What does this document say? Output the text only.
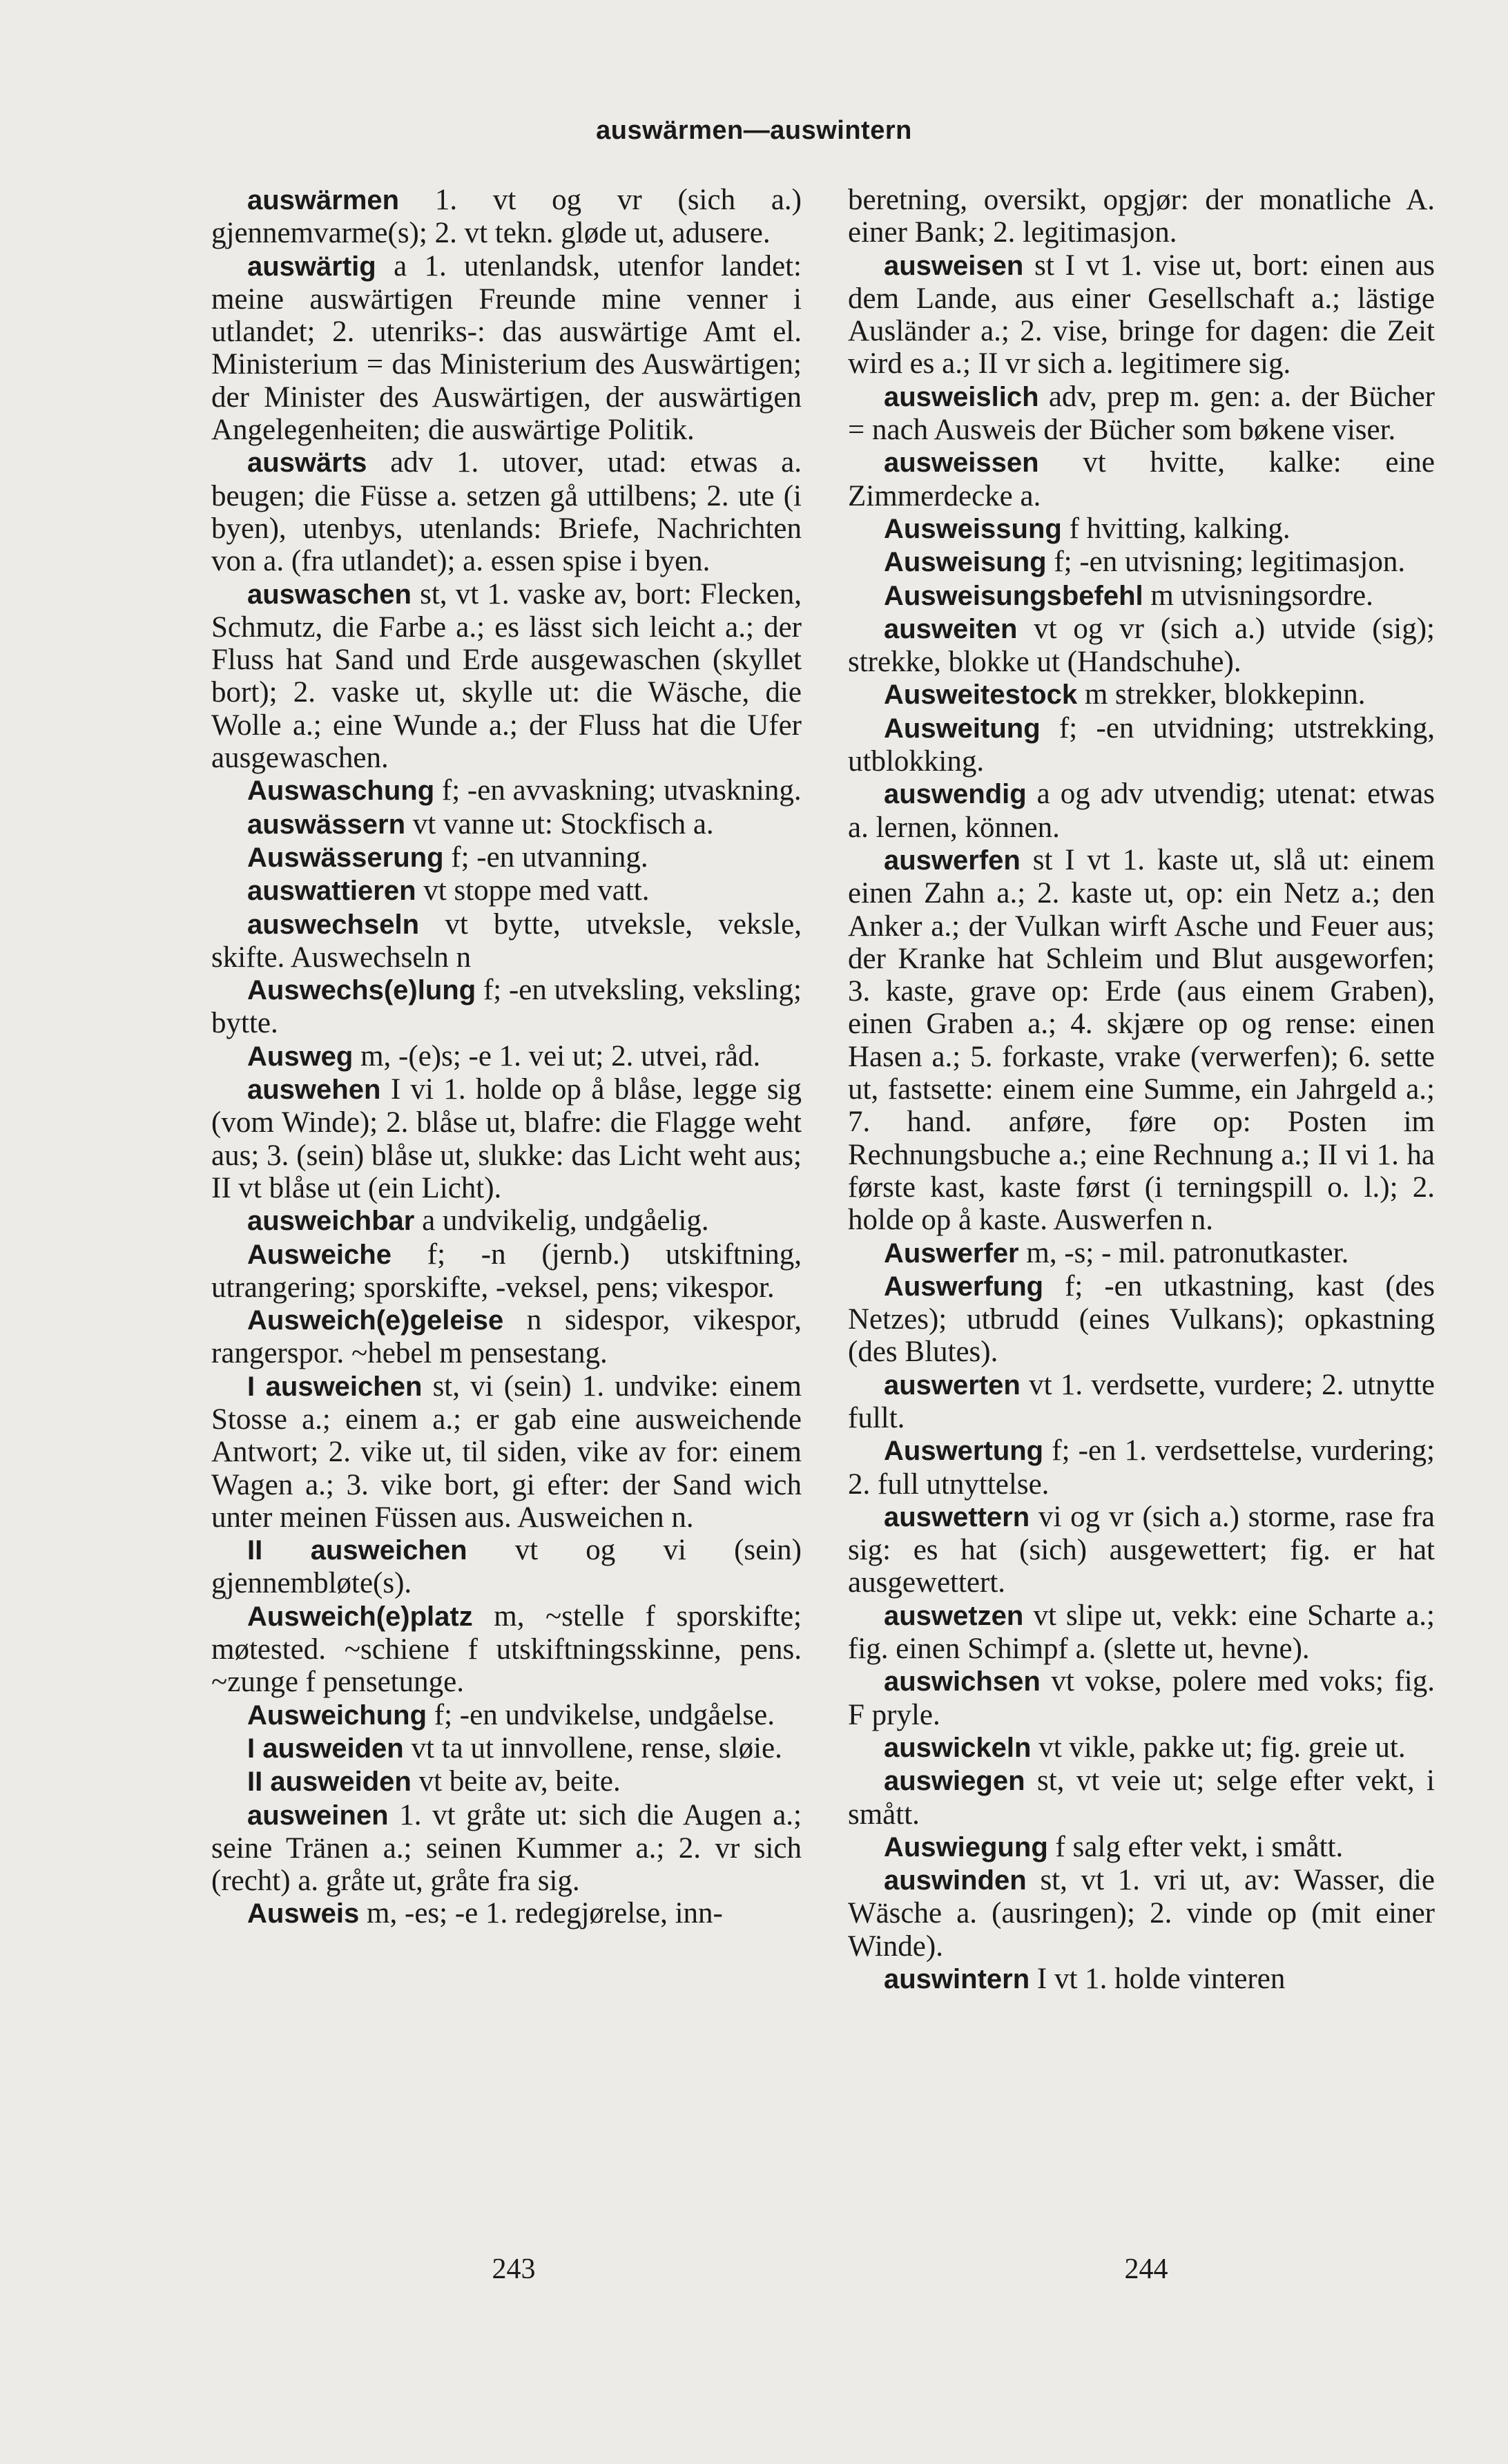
auswärmen—auswintern

auswärmen 1. vt og vr (sich a.) gjennemvarme(s); 2. vt tekn. gløde ut, adusere.

auswärtig a 1. utenlandsk, utenfor landet: meine auswärtigen Freunde mine venner i utlandet; 2. utenriks-: das auswärtige Amt el. Ministerium = das Ministerium des Auswärtigen; der Minister des Auswärtigen, der auswärtigen Angelegenheiten; die auswärtige Politik.

auswärts adv 1. utover, utad: etwas a. beugen; die Füsse a. setzen gå uttilbens; 2. ute (i byen), utenbys, utenlands: Briefe, Nachrichten von a. (fra utlandet); a. essen spise i byen.

auswaschen st, vt 1. vaske av, bort: Flecken, Schmutz, die Farbe a.; es lässt sich leicht a.; der Fluss hat Sand und Erde ausgewaschen (skyllet bort); 2. vaske ut, skylle ut: die Wäsche, die Wolle a.; eine Wunde a.; der Fluss hat die Ufer ausgewaschen.

Auswaschung f; -en avvaskning; utvaskning.

auswässern vt vanne ut: Stockfisch a.

Auswässerung f; -en utvanning.

auswattieren vt stoppe med vatt.

auswechseln vt bytte, utveksle, veksle, skifte. Auswechseln n

Auswechs(e)lung f; -en utveksling, veksling; bytte.

Ausweg m, -(e)s; -e 1. vei ut; 2. utvei, råd.

auswehen I vi 1. holde op å blåse, legge sig (vom Winde); 2. blåse ut, blafre: die Flagge weht aus; 3. (sein) blåse ut, slukke: das Licht weht aus; II vt blåse ut (ein Licht).

ausweichbar a undvikelig, undgåelig.

Ausweiche f; -n (jernb.) utskiftning, utrangering; sporskifte, -veksel, pens; vikespor.

Ausweich(e)geleise n sidespor, vikespor, rangerspor. ~hebel m pensestang.

I ausweichen st, vi (sein) 1. undvike: einem Stosse a.; einem a.; er gab eine ausweichende Antwort; 2. vike ut, til siden, vike av for: einem Wagen a.; 3. vike bort, gi efter: der Sand wich unter meinen Füssen aus. Ausweichen n.

II ausweichen vt og vi (sein) gjennembløte(s).

Ausweich(e)platz m, ~stelle f sporskifte; møtested. ~schiene f utskiftningsskinne, pens. ~zunge f pensetunge.

Ausweichung f; -en undvikelse, undgåelse.

I ausweiden vt ta ut innvollene, rense, sløie.

II ausweiden vt beite av, beite.

ausweinen 1. vt gråte ut: sich die Augen a.; seine Tränen a.; seinen Kummer a.; 2. vr sich (recht) a. gråte ut, gråte fra sig.

Ausweis m, -es; -e 1. redegjørelse, inn-

beretning, oversikt, opgjør: der monatliche A. einer Bank; 2. legitimasjon.

ausweisen st I vt 1. vise ut, bort: einen aus dem Lande, aus einer Gesellschaft a.; lästige Ausländer a.; 2. vise, bringe for dagen: die Zeit wird es a.; II vr sich a. legitimere sig.

ausweislich adv, prep m. gen: a. der Bücher = nach Ausweis der Bücher som bøkene viser.

ausweissen vt hvitte, kalke: eine Zimmerdecke a.

Ausweissung f hvitting, kalking.

Ausweisung f; -en utvisning; legitimasjon.

Ausweisungsbefehl m utvisningsordre.

ausweiten vt og vr (sich a.) utvide (sig); strekke, blokke ut (Handschuhe).

Ausweitestock m strekker, blokkepinn.

Ausweitung f; -en utvidning; utstrekking, utblokking.

auswendig a og adv utvendig; utenat: etwas a. lernen, können.

auswerfen st I vt 1. kaste ut, slå ut: einem einen Zahn a.; 2. kaste ut, op: ein Netz a.; den Anker a.; der Vulkan wirft Asche und Feuer aus; der Kranke hat Schleim und Blut ausgeworfen; 3. kaste, grave op: Erde (aus einem Graben), einen Graben a.; 4. skjære op og rense: einen Hasen a.; 5. forkaste, vrake (verwerfen); 6. sette ut, fastsette: einem eine Summe, ein Jahrgeld a.; 7. hand. anføre, føre op: Posten im Rechnungsbuche a.; eine Rechnung a.; II vi 1. ha første kast, kaste først (i terningspill o. l.); 2. holde op å kaste. Auswerfen n.

Auswerfer m, -s; - mil. patronutkaster.

Auswerfung f; -en utkastning, kast (des Netzes); utbrudd (eines Vulkans); opkastning (des Blutes).

auswerten vt 1. verdsette, vurdere; 2. utnytte fullt.

Auswertung f; -en 1. verdsettelse, vurdering; 2. full utnyttelse.

auswettern vi og vr (sich a.) storme, rase fra sig: es hat (sich) ausgewettert; fig. er hat ausgewettert.

auswetzen vt slipe ut, vekk: eine Scharte a.; fig. einen Schimpf a. (slette ut, hevne).

auswichsen vt vokse, polere med voks; fig. F pryle.

auswickeln vt vikle, pakke ut; fig. greie ut.

auswiegen st, vt veie ut; selge efter vekt, i smått.

Auswiegung f salg efter vekt, i smått.

auswinden st, vt 1. vri ut, av: Wasser, die Wäsche a. (ausringen); 2. vinde op (mit einer Winde).

auswintern I vt 1. holde vinteren

243	244
